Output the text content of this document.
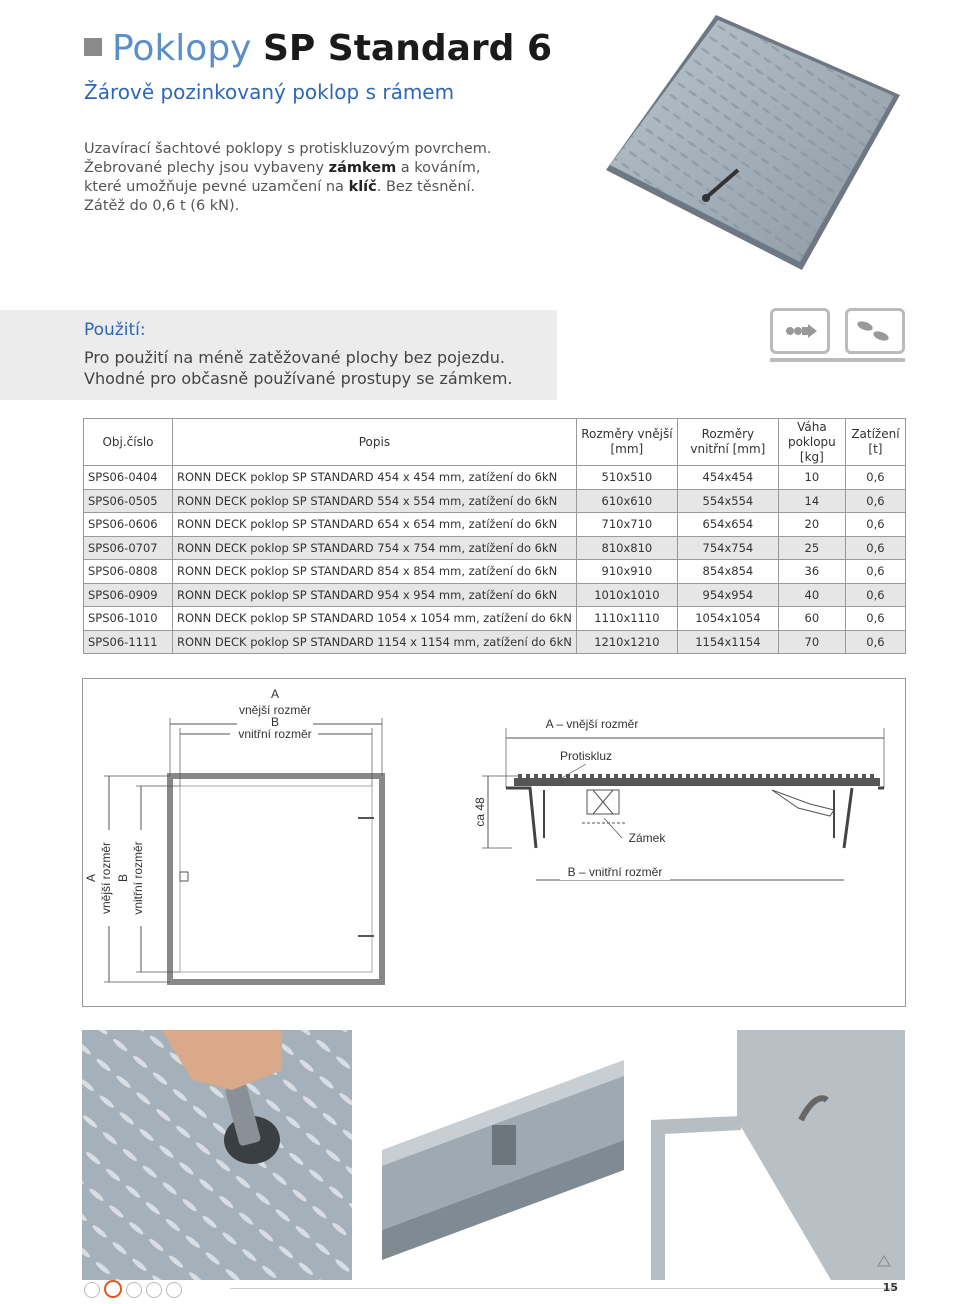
Poklopy SP Standard 6
Žárově pozinkovaný poklop s rámem
Uzavírací šachtové poklopy s protiskluzovým povrchem.
Žebrované plechy jsou vybaveny zámkem a kováním,
které umožňuje pevné uzamčení na klíč. Bez těsnění.
Zátěž do 0,6 t (6 kN).
Použití:
Pro použití na méně zatěžované plochy bez pojezdu.
Vhodné pro občasně používané prostupy se zámkem.
Obj.číslo	Popis	Rozměry vnější [mm]	Rozměry vnitřní [mm]	Váha poklopu [kg]	Zatížení [t]
SPS06-0404	RONN DECK poklop SP STANDARD 454 x 454 mm, zatížení do 6kN	510x510	454x454	10	0,6
SPS06-0505	RONN DECK poklop SP STANDARD 554 x 554 mm, zatížení do 6kN	610x610	554x554	14	0,6
SPS06-0606	RONN DECK poklop SP STANDARD 654 x 654 mm, zatížení do 6kN	710x710	654x654	20	0,6
SPS06-0707	RONN DECK poklop SP STANDARD 754 x 754 mm, zatížení do 6kN	810x810	754x754	25	0,6
SPS06-0808	RONN DECK poklop SP STANDARD 854 x 854 mm, zatížení do 6kN	910x910	854x854	36	0,6
SPS06-0909	RONN DECK poklop SP STANDARD 954 x 954 mm, zatížení do 6kN	1010x1010	954x954	40	0,6
SPS06-1010	RONN DECK poklop SP STANDARD 1054 x 1054 mm, zatížení do 6kN	1110x1110	1054x1054	60	0,6
SPS06-1111	RONN DECK poklop SP STANDARD 1154 x 1154 mm, zatížení do 6kN	1210x1210	1154x1154	70	0,6
A
vnější rozměr
B
vnitřní rozměr
A vnější rozměr B vnitřní rozměr
A – vnější rozměr
Protiskluz
ca 48
Zámek
B – vnitřní rozměr
15
